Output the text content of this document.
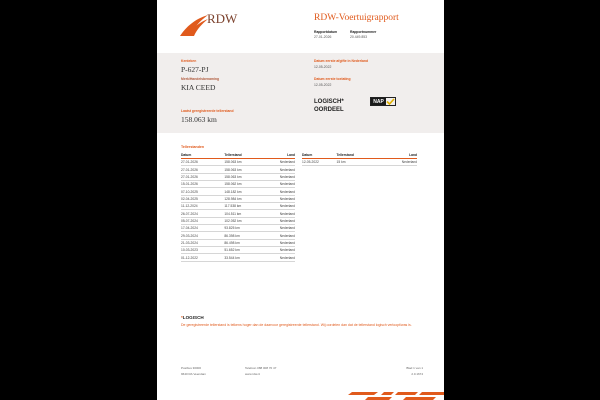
RDW	RDW-Voertuigrapport
Rapportdatum
27-01-2026
Rapportnummer
20.449.853
Kenteken
P-627-PJ
Merk/Handelsbenaming
KIA CEED
Laatst geregistreerde tellerstand
158.063 km
Datum eerste afgifte in Nederland
12-05-2022
Datum eerste toelating
12-05-2022
LOGISCH*
OORDEEL
NAP
Tellerstanden
Datum	Tellerstand	Land
27-01-2026	158.063 km	Nederland
27-01-2026	158.063 km	Nederland
27-01-2026	158.063 km	Nederland
15-01-2026	158.062 km	Nederland
07-10-2025	148.182 km	Nederland
02-04-2025	128.984 km	Nederland
11-12-2024	117.538 km	Nederland
26-07-2024	104.511 km	Nederland
05-07-2024	102.052 km	Nederland
17-04-2024	93.825 km	Nederland
29-03-2024	86.398 km	Nederland
21-03-2024	86.498 km	Nederland
10-03-2023	51.652 km	Nederland
01-12-2022	33.544 km	Nederland
Datum	Tellerstand	Land
12-05-2022	15 km	Nederland
*LOGISCH
De geregistreerde tellerstand is telkens hoger dan de daarvoor geregistreerde tellerstand. Wij oordelen dan dat de tellerstand logisch verloopt/was is.
Postbus 30000
9640 RA Veendam
Telefoon 088 008 70 47
www.rdw.nl
Blad 1 van 1
2.0.1674
